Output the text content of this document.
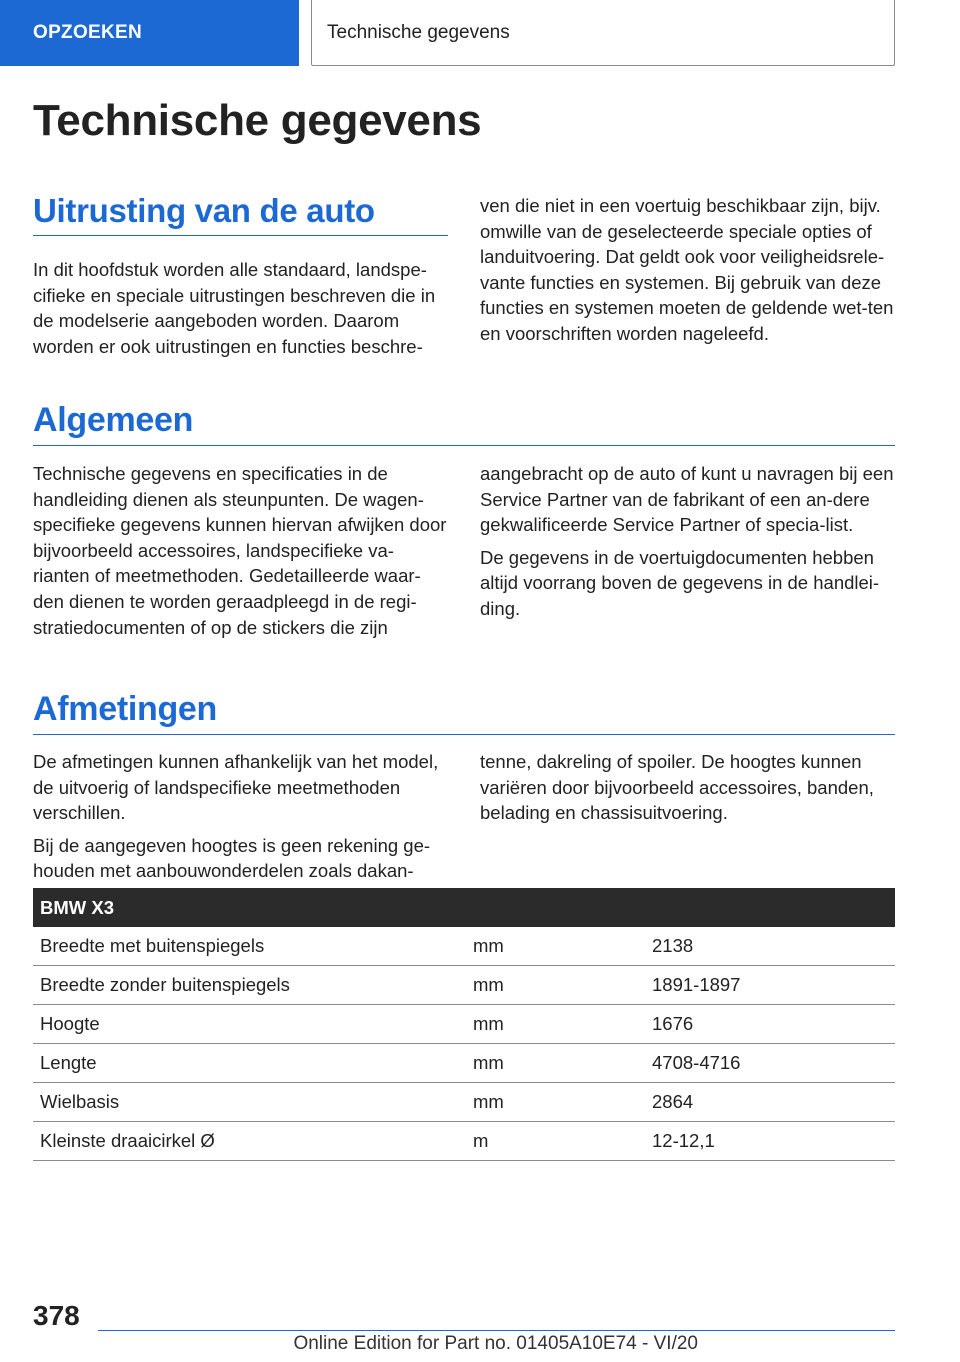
OPZOEKEN	Technische gegevens
Technische gegevens
Uitrusting van de auto

In dit hoofdstuk worden alle standaard, landspe-cifieke en speciale uitrustingen beschreven die in de modelserie aangeboden worden. Daarom worden er ook uitrustingen en functies beschre-

ven die niet in een voertuig beschikbaar zijn, bijv. omwille van de geselecteerde speciale opties of landuitvoering. Dat geldt ook voor veiligheidsrele-vante functies en systemen. Bij gebruik van deze functies en systemen moeten de geldende wet-ten en voorschriften worden nageleefd.

Algemeen

Technische gegevens en specificaties in de handleiding dienen als steunpunten. De wagen-specifieke gegevens kunnen hiervan afwijken door bijvoorbeeld accessoires, landspecifieke va-rianten of meetmethoden. Gedetailleerde waar-den dienen te worden geraadpleegd in de regi-stratiedocumenten of op de stickers die zijn

aangebracht op de auto of kunt u navragen bij een Service Partner van de fabrikant of een an-dere gekwalificeerde Service Partner of specia-list.

De gegevens in de voertuigdocumenten hebben altijd voorrang boven de gegevens in de handlei-ding.

Afmetingen

De afmetingen kunnen afhankelijk van het model, de uitvoerig of landspecifieke meetmethoden verschillen.

Bij de aangegeven hoogtes is geen rekening ge-houden met aanbouwonderdelen zoals dakan-

tenne, dakreling of spoiler. De hoogtes kunnen variëren door bijvoorbeeld accessoires, banden, belading en chassisuitvoering.

BMW X3		
Breedte met buitenspiegels	mm	2138
Breedte zonder buitenspiegels	mm	1891-1897
Hoogte	mm	1676
Lengte	mm	4708-4716
Wielbasis	mm	2864
Kleinste draaicirkel Ø	m	12-12,1
378
Online Edition for Part no. 01405A10E74 - VI/20
